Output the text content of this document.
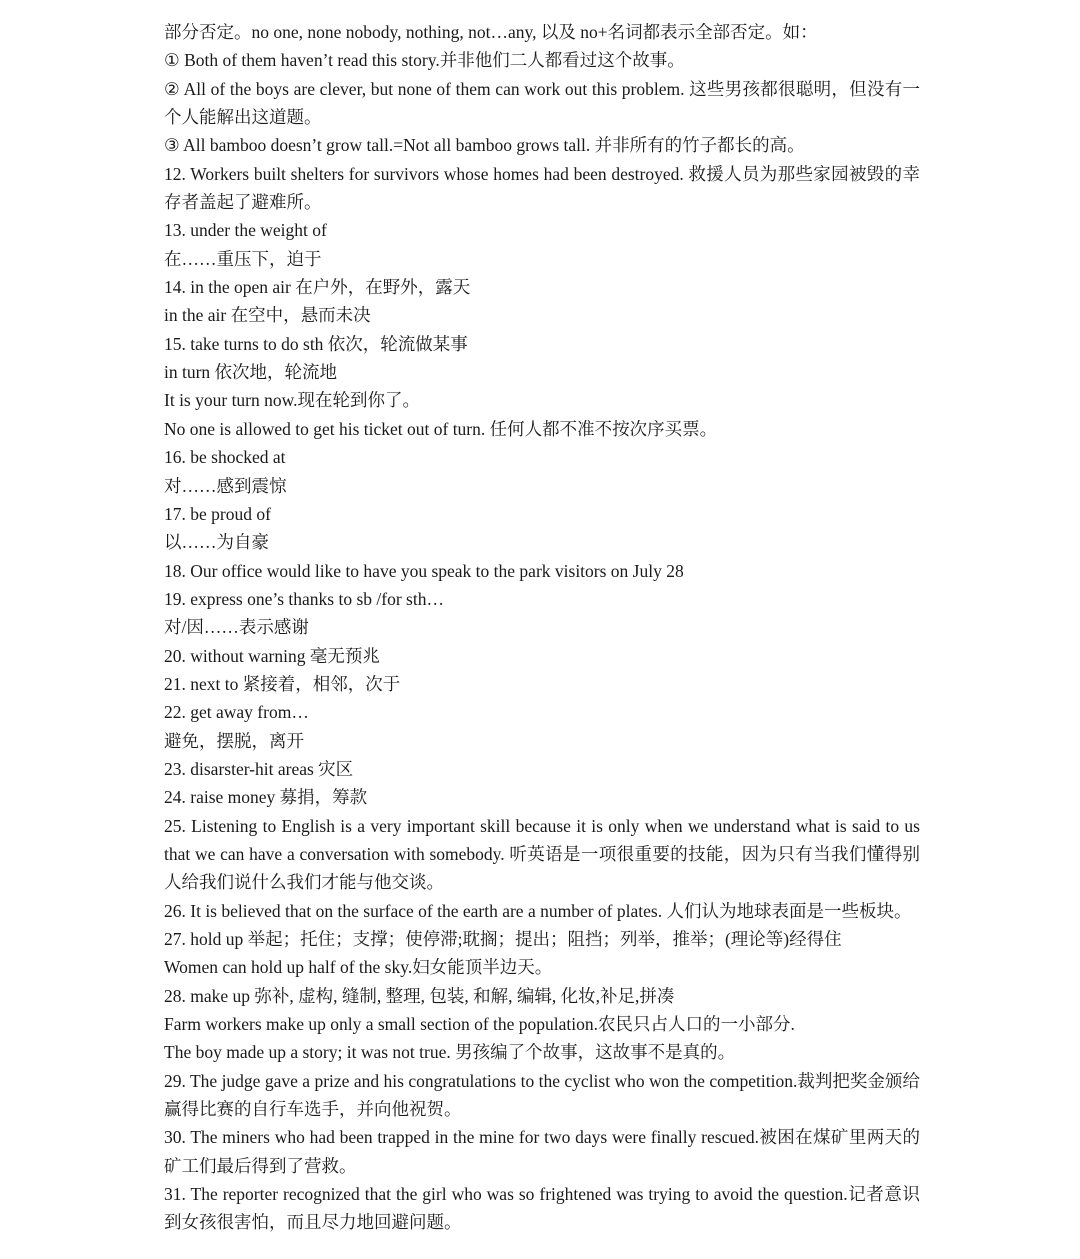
部分否定。no one, none nobody, nothing, not…any, 以及 no+名词都表示全部否定。如：

① Both of them haven’t read this story.并非他们二人都看过这个故事。

② All of the boys are clever, but none of them can work out this problem. 这些男孩都很聪明，但没有一个人能解出这道题。

③ All bamboo doesn’t grow tall.=Not all bamboo grows tall. 并非所有的竹子都长的高。

12. Workers built shelters for survivors whose homes had been destroyed. 救援人员为那些家园被毁的幸存者盖起了避难所。

13. under the weight of

在……重压下，迫于

14. in the open air 在户外，在野外，露天

in the air 在空中，悬而未决

15. take turns to do sth 依次，轮流做某事

in turn 依次地，轮流地

It is your turn now.现在轮到你了。

No one is allowed to get his ticket out of turn. 任何人都不准不按次序买票。

16. be shocked at

对……感到震惊

17. be proud of

以……为自豪

18. Our office would like to have you speak to the park visitors on July 28

19. express one’s thanks to sb /for sth…

对/因……表示感谢

20. without warning 毫无预兆

21. next to 紧接着，相邻，次于

22. get away from…

避免，摆脱，离开

23. disarster-hit areas 灾区

24. raise money 募捐，筹款

25. Listening to English is a very important skill because it is only when we understand what is said to us that we can have a conversation with somebody. 听英语是一项很重要的技能，因为只有当我们懂得别人给我们说什么我们才能与他交谈。

26. It is believed that on the surface of the earth are a number of plates. 人们认为地球表面是一些板块。

27. hold up 举起；托住；支撑；使停滞;耽搁；提出；阻挡；列举，推举；(理论等)经得住

Women can hold up half of the sky.妇女能顶半边天。

28. make up 弥补, 虚构, 缝制, 整理, 包装, 和解, 编辑, 化妆,补足,拼凑

Farm workers make up only a small section of the population.农民只占人口的一小部分.

The boy made up a story; it was not true. 男孩编了个故事，这故事不是真的。

29. The judge gave a prize and his congratulations to the cyclist who won the competition.裁判把奖金颁给赢得比赛的自行车选手，并向他祝贺。

30. The miners who had been trapped in the mine for two days were finally rescued.被困在煤矿里两天的矿工们最后得到了营救。

31. The reporter recognized that the girl who was so frightened was trying to avoid the question.记者意识到女孩很害怕，而且尽力地回避问题。
